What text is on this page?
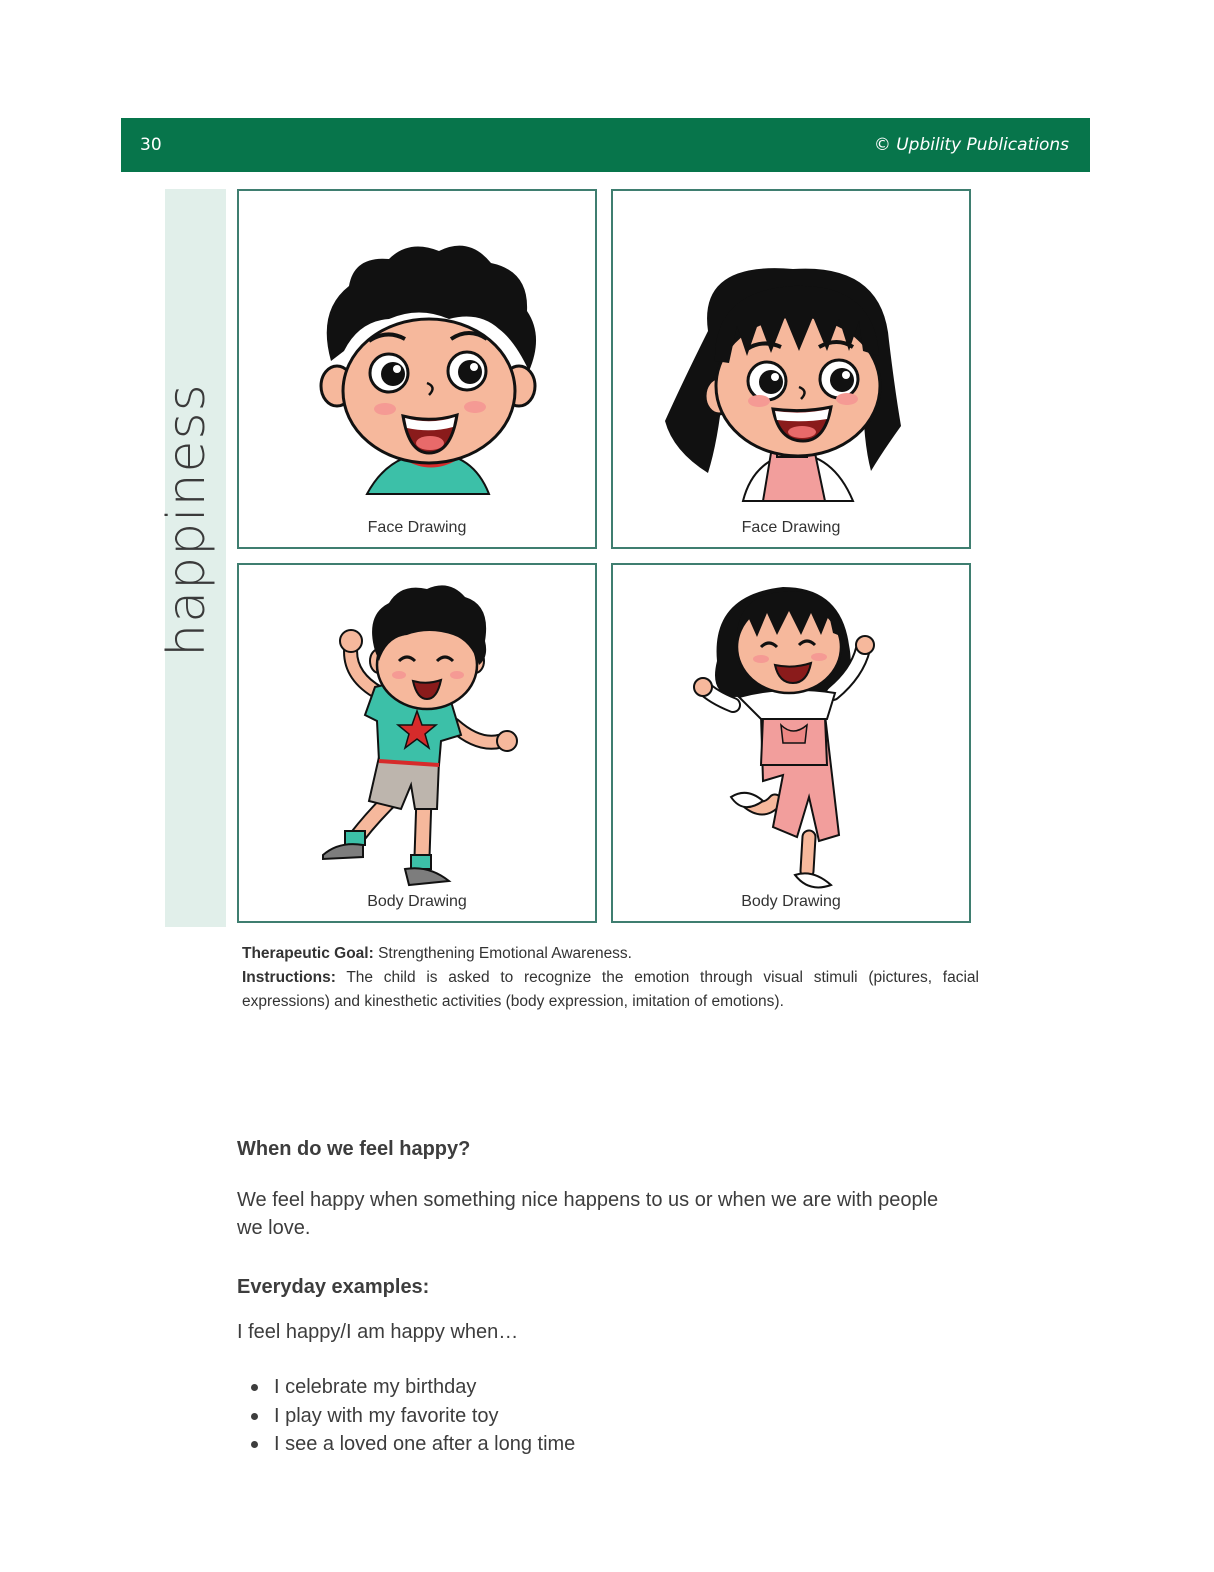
30	© Upbility Publications
happiness	Face Drawing	Face Drawing
Body Drawing	Body Drawing
Therapeutic Goal: Strengthening Emotional Awareness.
Instructions: The child is asked to recognize the emotion through visual stimuli (pictures, facial expressions) and kinesthetic activities (body expression, imitation of emotions).
When do we feel happy?
We feel happy when something nice happens to us or when we are with people we love.
Everyday examples:
I feel happy/I am happy when…
I celebrate my birthday
I play with my favorite toy
I see a loved one after a long time
